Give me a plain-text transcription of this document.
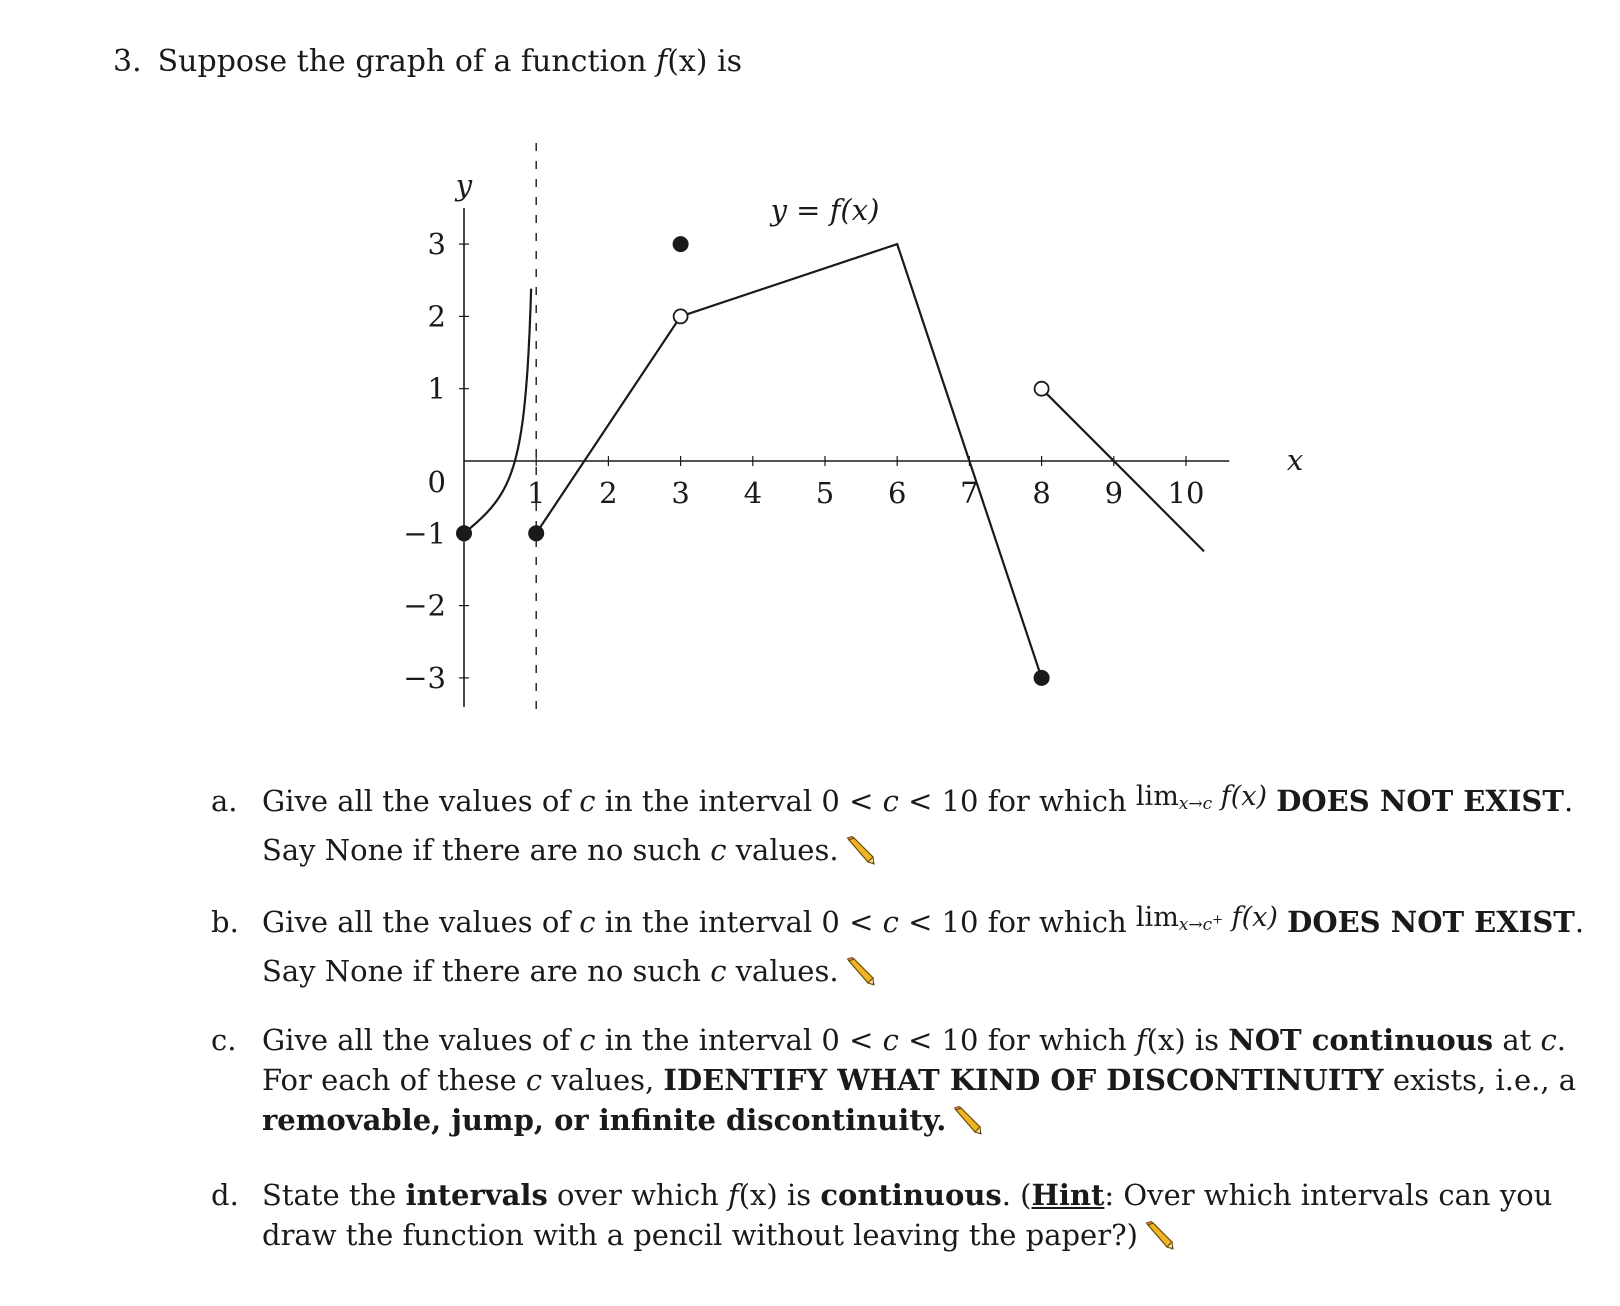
3. Suppose the graph of a function f(x) is
1 2 3 4 5 6 7 8 9 10
3
2
1
0
−1
−2
−3
y = f(x)
x
y
a. Give all the values of c in the interval 0 < c < 10 for which $\lim_{x\to c} f(x)$ DOES NOT EXIST. Say None if there are no such c values.
b. Give all the values of c in the interval 0 < c < 10 for which $\lim_{x\to c^+} f(x)$ DOES NOT EXIST. Say None if there are no such c values.
c. Give all the values of c in the interval 0 < c < 10 for which f(x) is NOT continuous at c. For each of these c values, IDENTIFY WHAT KIND OF DISCONTINUITY exists, i.e., a removable, jump, or infinite discontinuity.
d. State the intervals over which f(x) is continuous. (Hint: Over which intervals can you draw the function with a pencil without leaving the paper?)
